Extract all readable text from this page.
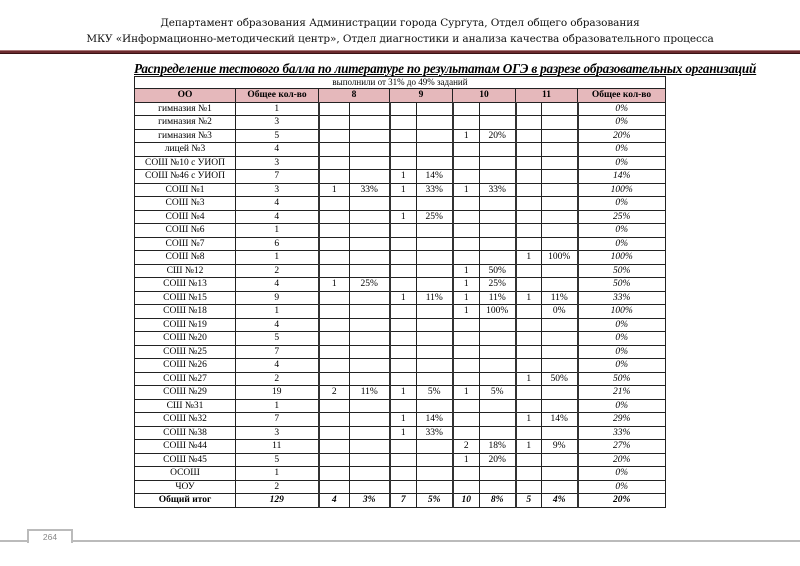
Департамент образования Администрации города Сургута, Отдел общего образования
МКУ «Информационно-методический центр», Отдел диагностики и анализа качества образовательного процесса
Распределение тестового балла по литературе по результатам ОГЭ в разрезе образовательных организаций
выполнили от 31% до 49% заданий										
ОО	Общее кол-во	8		9		10		11		Общее кол-во
гимназия №1	1									0%
гимназия №2	3									0%
гимназия №3	5					1	20%			20%
лицей №3	4									0%
СОШ №10 с УИОП	3									0%
СОШ №46 с УИОП	7			1	14%					14%
СОШ №1	3	1	33%	1	33%	1	33%			100%
СОШ №3	4									0%
СОШ №4	4			1	25%					25%
СОШ №6	1									0%
СОШ №7	6									0%
СОШ №8	1							1	100%	100%
СШ №12	2					1	50%			50%
СОШ №13	4	1	25%			1	25%			50%
СОШ №15	9			1	11%	1	11%	1	11%	33%
СОШ №18	1					1	100%		0%	100%
СОШ №19	4									0%
СОШ №20	5									0%
СОШ №25	7									0%
СОШ №26	4									0%
СОШ №27	2							1	50%	50%
СОШ №29	19	2	11%	1	5%	1	5%			21%
СШ №31	1									0%
СОШ №32	7			1	14%			1	14%	29%
СОШ №38	3			1	33%					33%
СОШ №44	11					2	18%	1	9%	27%
СОШ №45	5					1	20%			20%
ОСОШ	1									0%
ЧОУ	2									0%
Общий итог	129	4	3%	7	5%	10	8%	5	4%	20%
264
